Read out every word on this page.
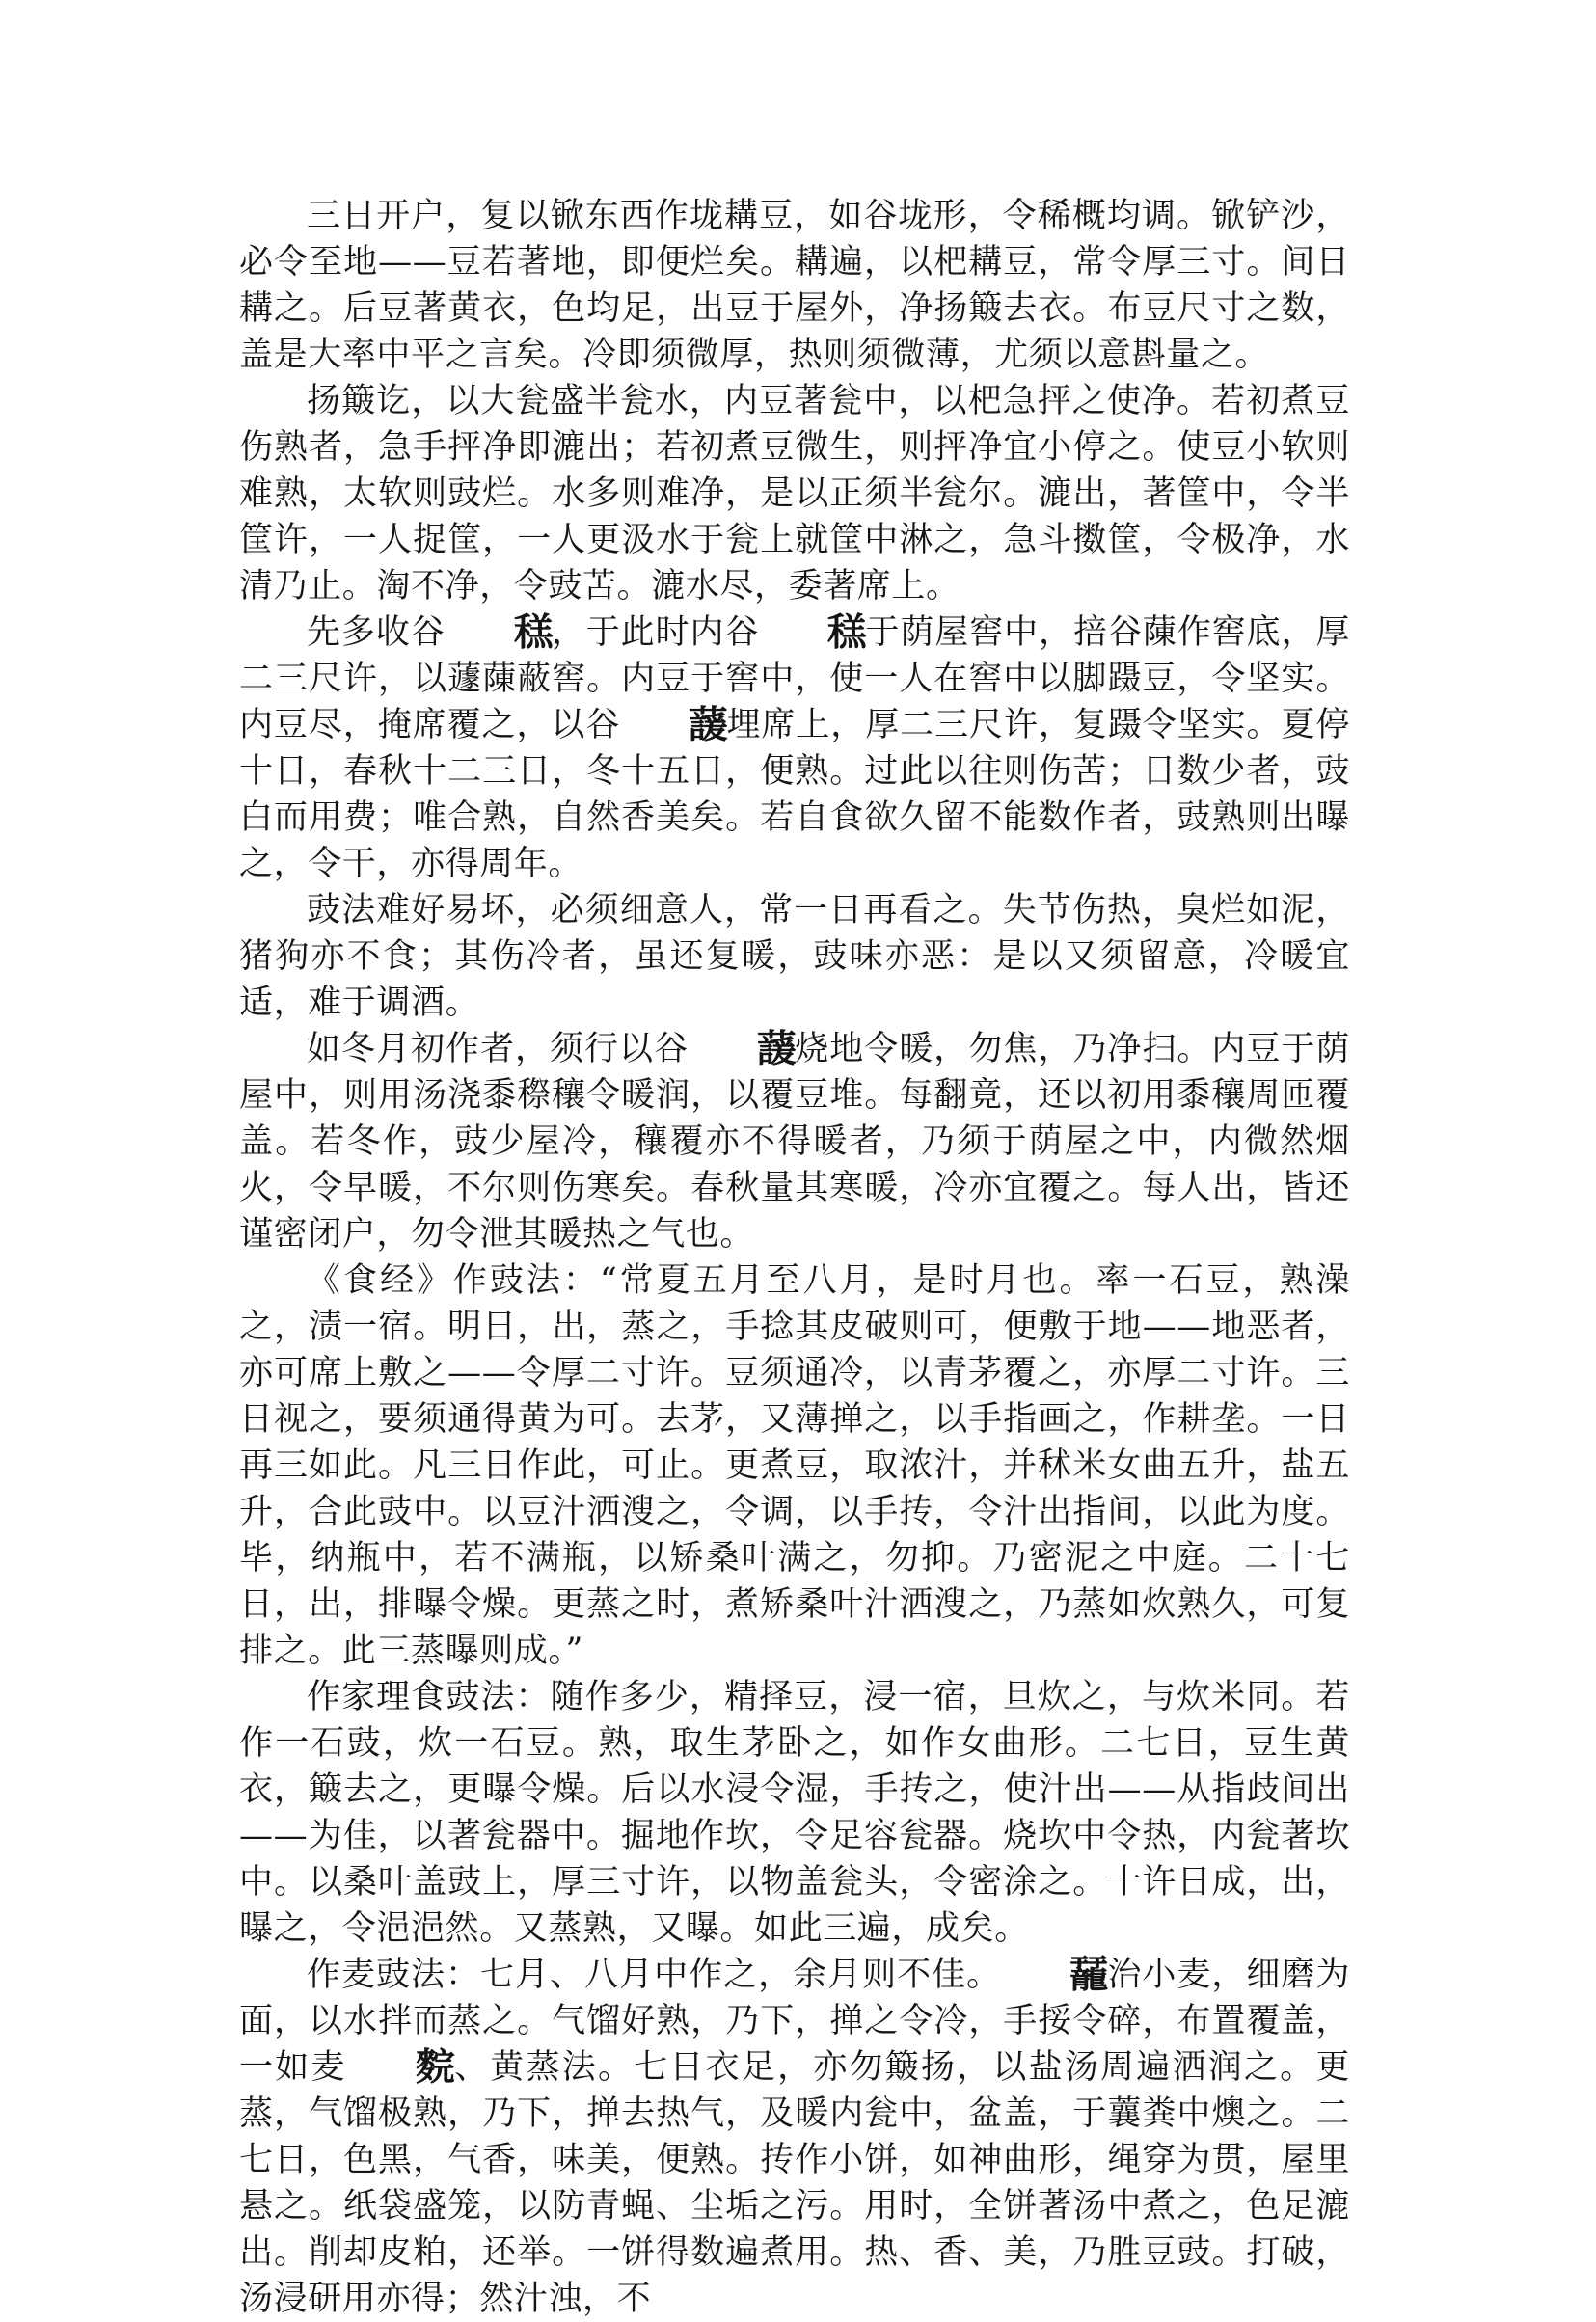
三日开户，复以锨东西作垅耩豆，如谷垅形，令稀概均调。锨铲沙，必令至地——豆若著地，即便烂矣。耩遍，以杷耩豆，常令厚三寸。间日耩之。后豆著黄衣，色均足，出豆于屋外，净扬簸去衣。布豆尺寸之数，盖是大率中平之言矣。冷即须微厚，热则须微薄，尤须以意斟量之。

扬簸讫，以大瓮盛半瓮水，内豆著瓮中，以杷急抨之使净。若初煮豆伤熟者，急手抨净即漉出；若初煮豆微生，则抨净宜小停之。使豆小软则难熟，太软则豉烂。水多则难净，是以正须半瓮尔。漉出，著筐中，令半筐许，一人捉筐，一人更汲水于瓮上就筐中淋之，急斗擞筐，令极净，水清乃止。淘不净，令豉苦。漉水尽，委著席上。

先多收谷 䅵，于此时内谷 䅵于荫屋窖中，掊谷蔯作窖底，厚二三尺许，以蘧蔯蔽窖。内豆于窖中，使一人在窖中以脚蹑豆，令坚实。内豆尽，掩席覆之，以谷 蘐埋席上，厚二三尺许，复蹑令坚实。夏停十日，春秋十二三日，冬十五日，便熟。过此以往则伤苦；日数少者，豉白而用费；唯合熟，自然香美矣。若自食欲久留不能数作者，豉熟则出曝之，令干，亦得周年。

豉法难好易坏，必须细意人，常一日再看之。失节伤热，臭烂如泥，猪狗亦不食；其伤冷者，虽还复暖，豉味亦恶：是以又须留意，冷暖宜适，难于调酒。

如冬月初作者，须行以谷 蘐烧地令暖，勿焦，乃净扫。内豆于荫屋中，则用汤浇黍穄穰令暖润，以覆豆堆。每翻竟，还以初用黍穰周匝覆盖。若冬作，豉少屋冷，穰覆亦不得暖者，乃须于荫屋之中，内微然烟火，令早暖，不尔则伤寒矣。春秋量其寒暖，冷亦宜覆之。每人出，皆还谨密闭户，勿令泄其暖热之气也。

《食经》作豉法：“常夏五月至八月，是时月也。率一石豆，熟澡之，渍一宿。明日，出，蒸之，手捻其皮破则可，便敷于地——地恶者，亦可席上敷之——令厚二寸许。豆须通冷，以青茅覆之，亦厚二寸许。三日视之，要须通得黄为可。去茅，又薄掸之，以手指画之，作耕垄。一日再三如此。凡三日作此，可止。更煮豆，取浓汁，并秫米女曲五升，盐五升，合此豉中。以豆汁洒溲之，令调，以手抟，令汁出指间，以此为度。毕，纳瓶中，若不满瓶，以矫桑叶满之，勿抑。乃密泥之中庭。二十七日，出，排曝令燥。更蒸之时，煮矫桑叶汁洒溲之，乃蒸如炊熟久，可复排之。此三蒸曝则成。”

作家理食豉法：随作多少，精择豆，浸一宿，旦炊之，与炊米同。若作一石豉，炊一石豆。熟，取生茅卧之，如作女曲形。二七日，豆生黄衣，簸去之，更曝令燥。后以水浸令湿，手抟之，使汁出——从指歧间出——为佳，以著瓮器中。掘地作坎，令足容瓮器。烧坎中令热，内瓮著坎中。以桑叶盖豉上，厚三寸许，以物盖瓮头，令密涂之。十许日成，出，曝之，令浥浥然。又蒸熟，又曝。如此三遍，成矣。

作麦豉法：七月、八月中作之，余月则不佳。 䶬治小麦，细磨为面，以水拌而蒸之。气馏好熟，乃下，掸之令冷，手挼令碎，布置覆盖，一如麦 䴷、黄蒸法。七日衣足，亦勿簸扬，以盐汤周遍洒润之。更蒸，气馏极熟，乃下，掸去热气，及暖内瓮中，盆盖，于蘘粪中燠之。二七日，色黑，气香，味美，便熟。抟作小饼，如神曲形，绳穿为贯，屋里悬之。纸袋盛笼，以防青蝇、尘垢之污。用时，全饼著汤中煮之，色足漉出。削却皮粕，还举。一饼得数遍煮用。热、香、美，乃胜豆豉。打破，汤浸研用亦得；然汁浊，不
